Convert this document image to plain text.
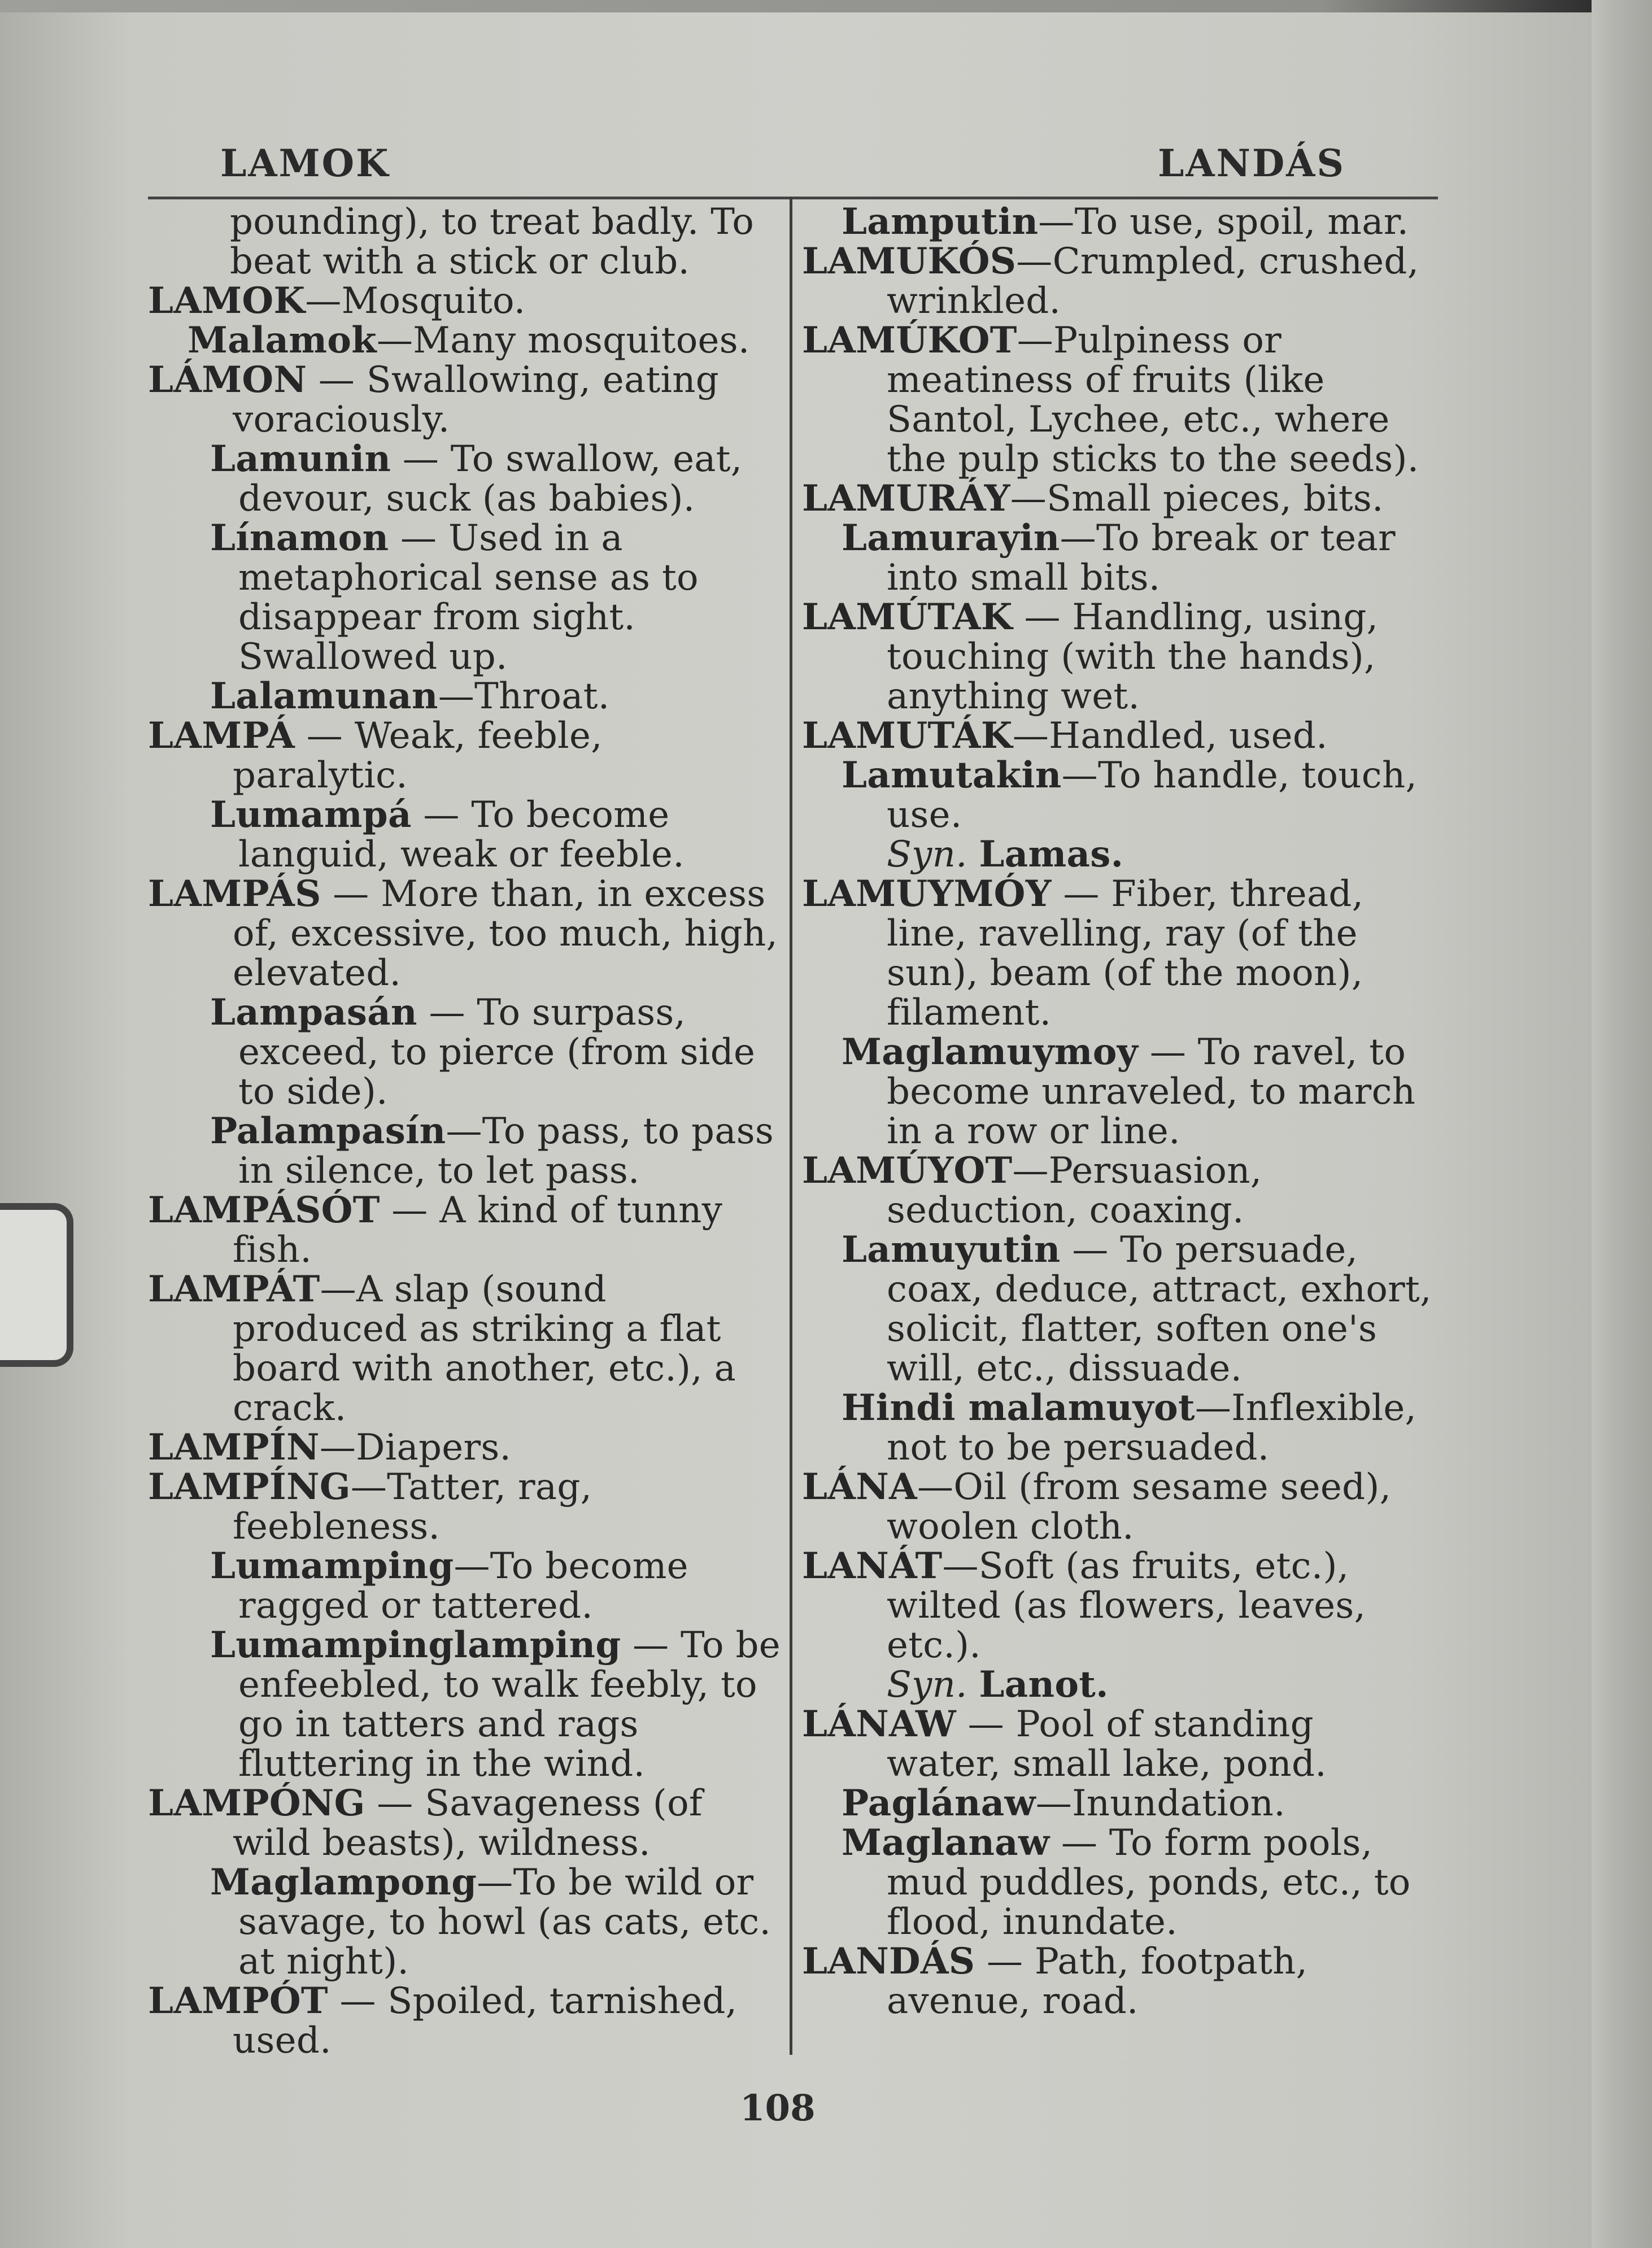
LAMOK	LANDÁS

pounding), to treat badly. To beat with a stick or club.

LAMOK—Mosquito.

Malamok—Many mosquitoes.

LÁMON — Swallowing, eating voraciously.

Lamunin — To swallow, eat, devour, suck (as babies).

Línamon — Used in a metaphorical sense as to disappear from sight. Swallowed up.

Lalamunan—Throat.

LAMPÁ — Weak, feeble, paralytic.

Lumampá — To become languid, weak or feeble.

LAMPÁS — More than, in excess of, excessive, too much, high, elevated.

Lampasán — To surpass, exceed, to pierce (from side to side).

Palampasín—To pass, to pass in silence, to let pass.

LAMPÁSÓT — A kind of tunny fish.

LAMPÁT—A slap (sound produced as striking a flat board with another, etc.), a crack.

LAMPÍN—Diapers.

LAMPÍNG—Tatter, rag, feebleness.

Lumamping—To become ragged or tattered.

Lumampinglamping — To be enfeebled, to walk feebly, to go in tatters and rags fluttering in the wind.

LAMPÓNG — Savageness (of wild beasts), wildness.

Maglampong—To be wild or savage, to howl (as cats, etc. at night).

LAMPÓT — Spoiled, tarnished, used.

Lamputin—To use, spoil, mar.

LAMUKÓS—Crumpled, crushed, wrinkled.

LAMÚKOT—Pulpiness or meatiness of fruits (like Santol, Lychee, etc., where the pulp sticks to the seeds).

LAMURÁY—Small pieces, bits.

Lamurayin—To break or tear into small bits.

LAMÚTAK — Handling, using, touching (with the hands), anything wet.

LAMUTÁK—Handled, used.

Lamutakin—To handle, touch, use.

Syn. Lamas.

LAMUYMÓY — Fiber, thread, line, ravelling, ray (of the sun), beam (of the moon), filament.

Maglamuymoy — To ravel, to become unraveled, to march in a row or line.

LAMÚYOT—Persuasion, seduction, coaxing.

Lamuyutin — To persuade, coax, deduce, attract, exhort, solicit, flatter, soften one's will, etc., dissuade.

Hindi malamuyot—Inflexible, not to be persuaded.

LÁNA—Oil (from sesame seed), woolen cloth.

LANÁT—Soft (as fruits, etc.), wilted (as flowers, leaves, etc.).

Syn. Lanot.

LÁNAW — Pool of standing water, small lake, pond.

Paglánaw—Inundation.

Maglanaw — To form pools, mud puddles, ponds, etc., to flood, inundate.

LANDÁS — Path, footpath, avenue, road.

108
